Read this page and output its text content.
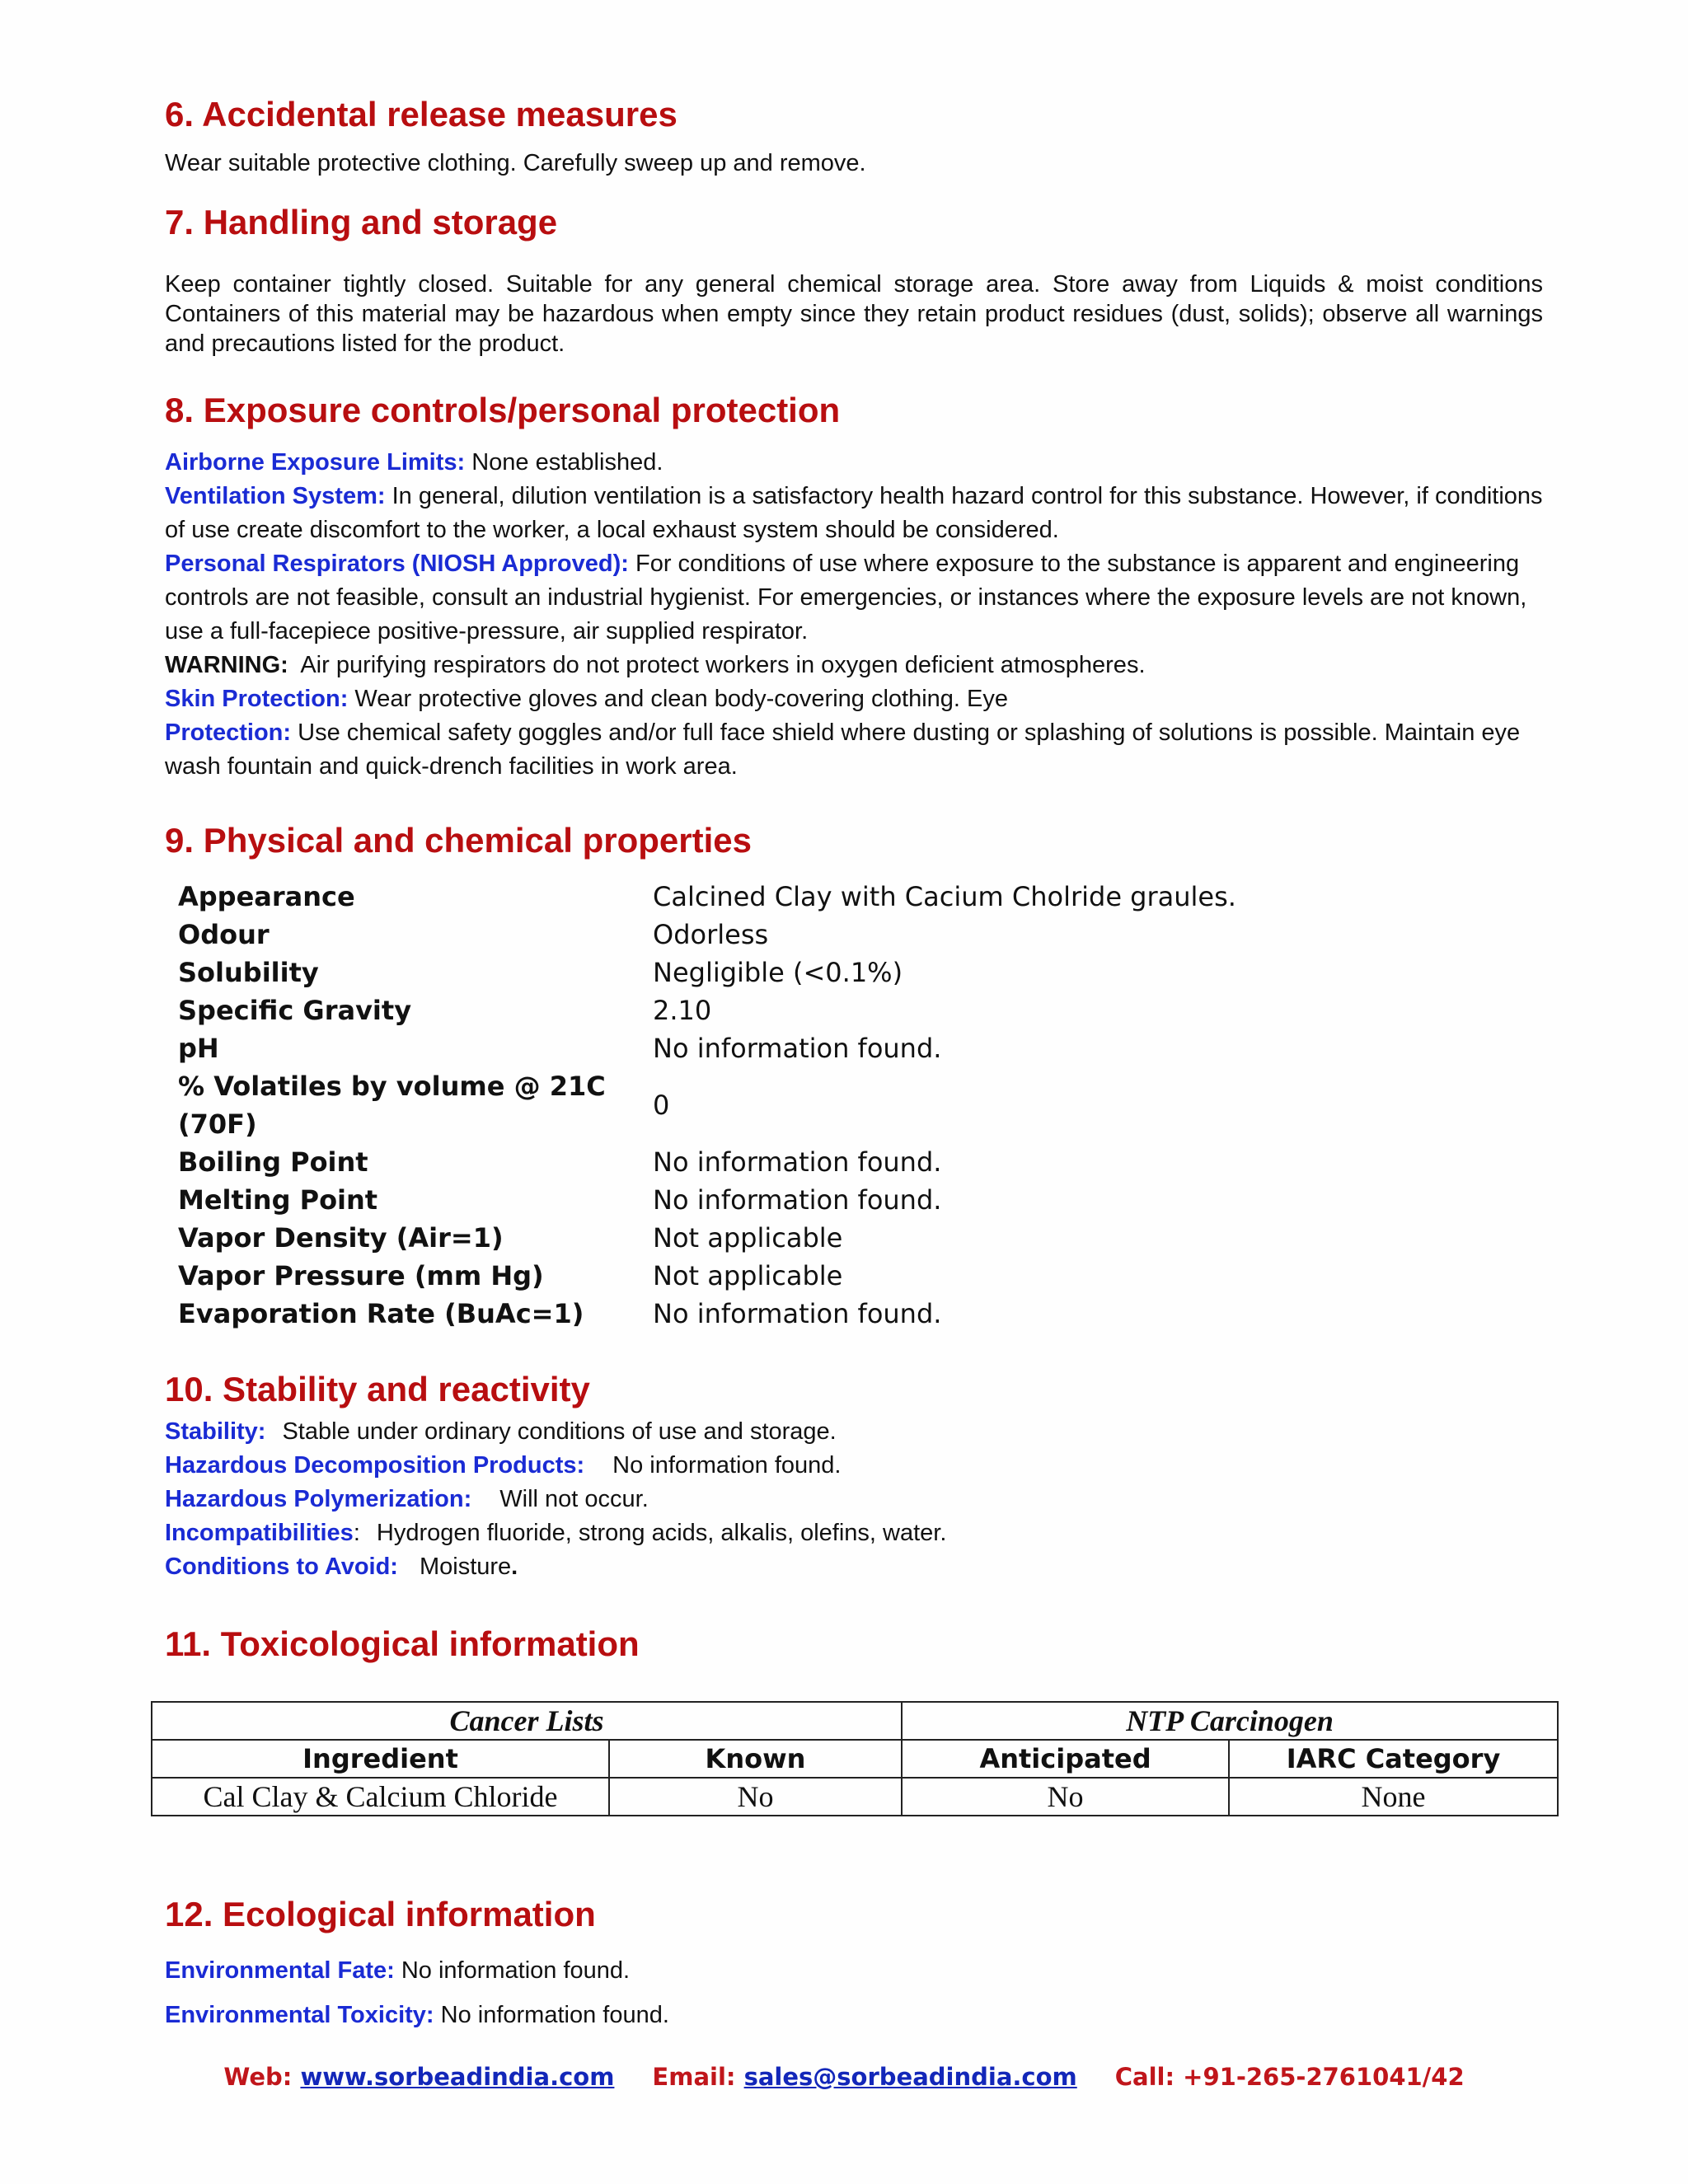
6. Accidental release measures

Wear suitable protective clothing. Carefully sweep up and remove.

7. Handling and storage

Keep container tightly closed. Suitable for any general chemical storage area. Store away from Liquids & moist conditions Containers of this material may be hazardous when empty since they retain product residues (dust, solids); observe all warnings and precautions listed for the product.

8. Exposure controls/personal protection

Airborne Exposure Limits: None established.

Ventilation System: In general, dilution ventilation is a satisfactory health hazard control for this substance. However, if conditions of use create discomfort to the worker, a local exhaust system should be considered.

Personal Respirators (NIOSH Approved): For conditions of use where exposure to the substance is apparent and engineering controls are not feasible, consult an industrial hygienist. For emergencies, or instances where the exposure levels are not known, use a full-facepiece positive-pressure, air supplied respirator.

WARNING:  Air purifying respirators do not protect workers in oxygen deficient atmospheres.

Skin Protection: Wear protective gloves and clean body-covering clothing. Eye

Protection: Use chemical safety goggles and/or full face shield where dusting or splashing of solutions is possible. Maintain eye wash fountain and quick-drench facilities in work area.

9. Physical and chemical properties
Appearance	Calcined Clay with Cacium Cholride graules.
Odour	Odorless
Solubility	Negligible (<0.1%)
Specific Gravity	2.10
pH	No information found.
% Volatiles by volume @ 21C (70F)	0
Boiling Point	No information found.
Melting Point	No information found.
Vapor Density (Air=1)	Not applicable
Vapor Pressure (mm Hg)	Not applicable
Evaporation Rate (BuAc=1)	No information found.
10. Stability and reactivity

Stability: Stable under ordinary conditions of use and storage.

Hazardous Decomposition Products: No information found.

Hazardous Polymerization: Will not occur.

Incompatibilities: Hydrogen fluoride, strong acids, alkalis, olefins, water.

Conditions to Avoid: Moisture.

11. Toxicological information
Cancer Lists		NTP Carcinogen	
Ingredient	Known	Anticipated	IARC Category
Cal Clay & Calcium Chloride	No	No	None
12. Ecological information

Environmental Fate: No information found.

Environmental Toxicity: No information found.

Web: www.sorbeadindia.com Email: sales@sorbeadindia.com Call: +91-265-2761041/42
